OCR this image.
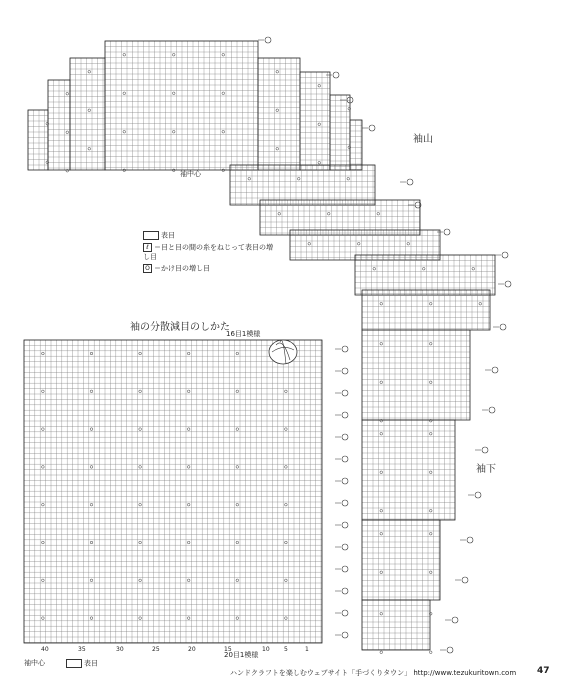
袖山
袖中心
表目
ℓ ＝目と目の間の糸をねじって表目の増し目
O ＝かけ目の増し目
袖の分散減目のしかた
16目1模様
20目1模様
袖中心	表目
40	35	30	25	20	15	10 5	1
袖下
ハンドクラフトを楽しむウェブサイト「手づくりタウン」 http://www.tezukuritown.com 47
